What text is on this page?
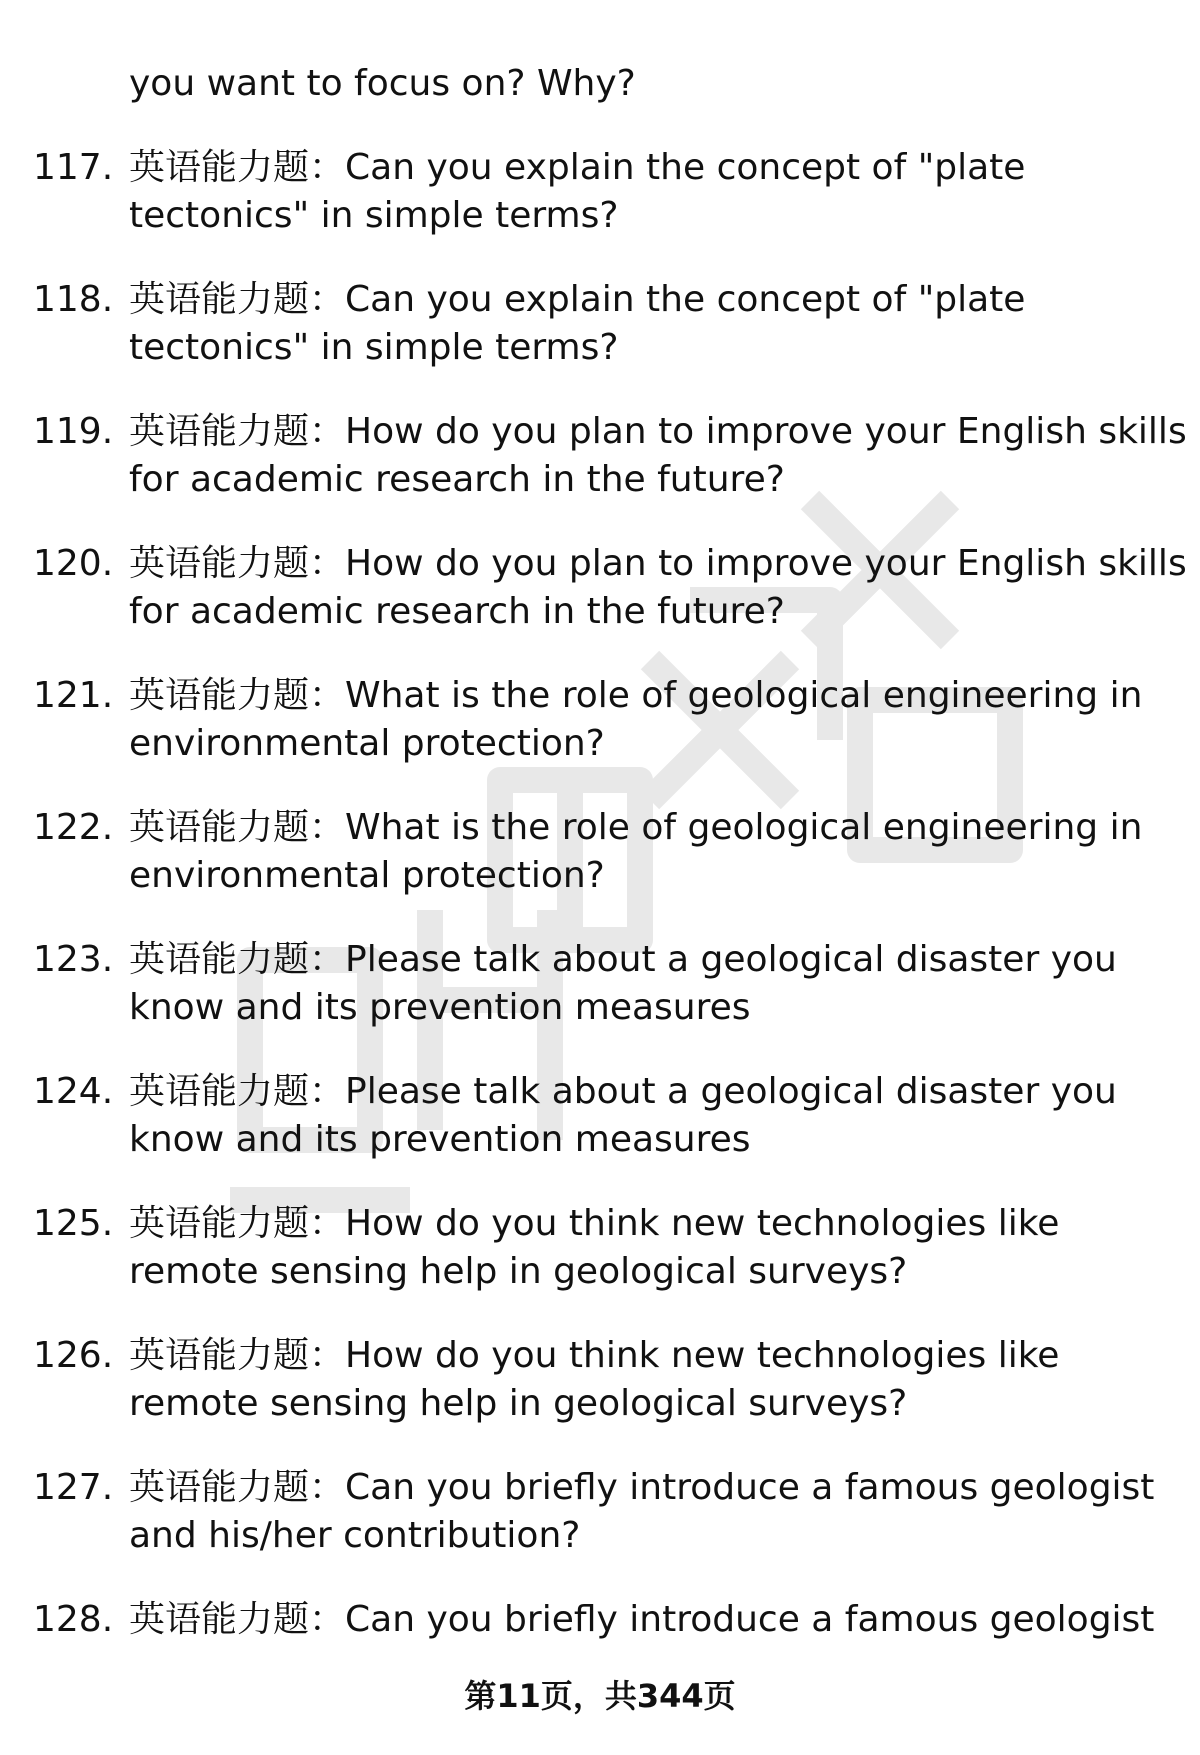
you want to focus on? Why?
117. 英语能力题：Can you explain the concept of "plate
tectonics" in simple terms?
118. 英语能力题：Can you explain the concept of "plate
tectonics" in simple terms?
119. 英语能力题：How do you plan to improve your English skills
for academic research in the future?
120. 英语能力题：How do you plan to improve your English skills
for academic research in the future?
121. 英语能力题：What is the role of geological engineering in
environmental protection?
122. 英语能力题：What is the role of geological engineering in
environmental protection?
123. 英语能力题：Please talk about a geological disaster you
know and its prevention measures
124. 英语能力题：Please talk about a geological disaster you
know and its prevention measures
125. 英语能力题：How do you think new technologies like
remote sensing help in geological surveys?
126. 英语能力题：How do you think new technologies like
remote sensing help in geological surveys?
127. 英语能力题：Can you briefly introduce a famous geologist
and his/her contribution?
128. 英语能力题：Can you briefly introduce a famous geologist
第11页，共344页
